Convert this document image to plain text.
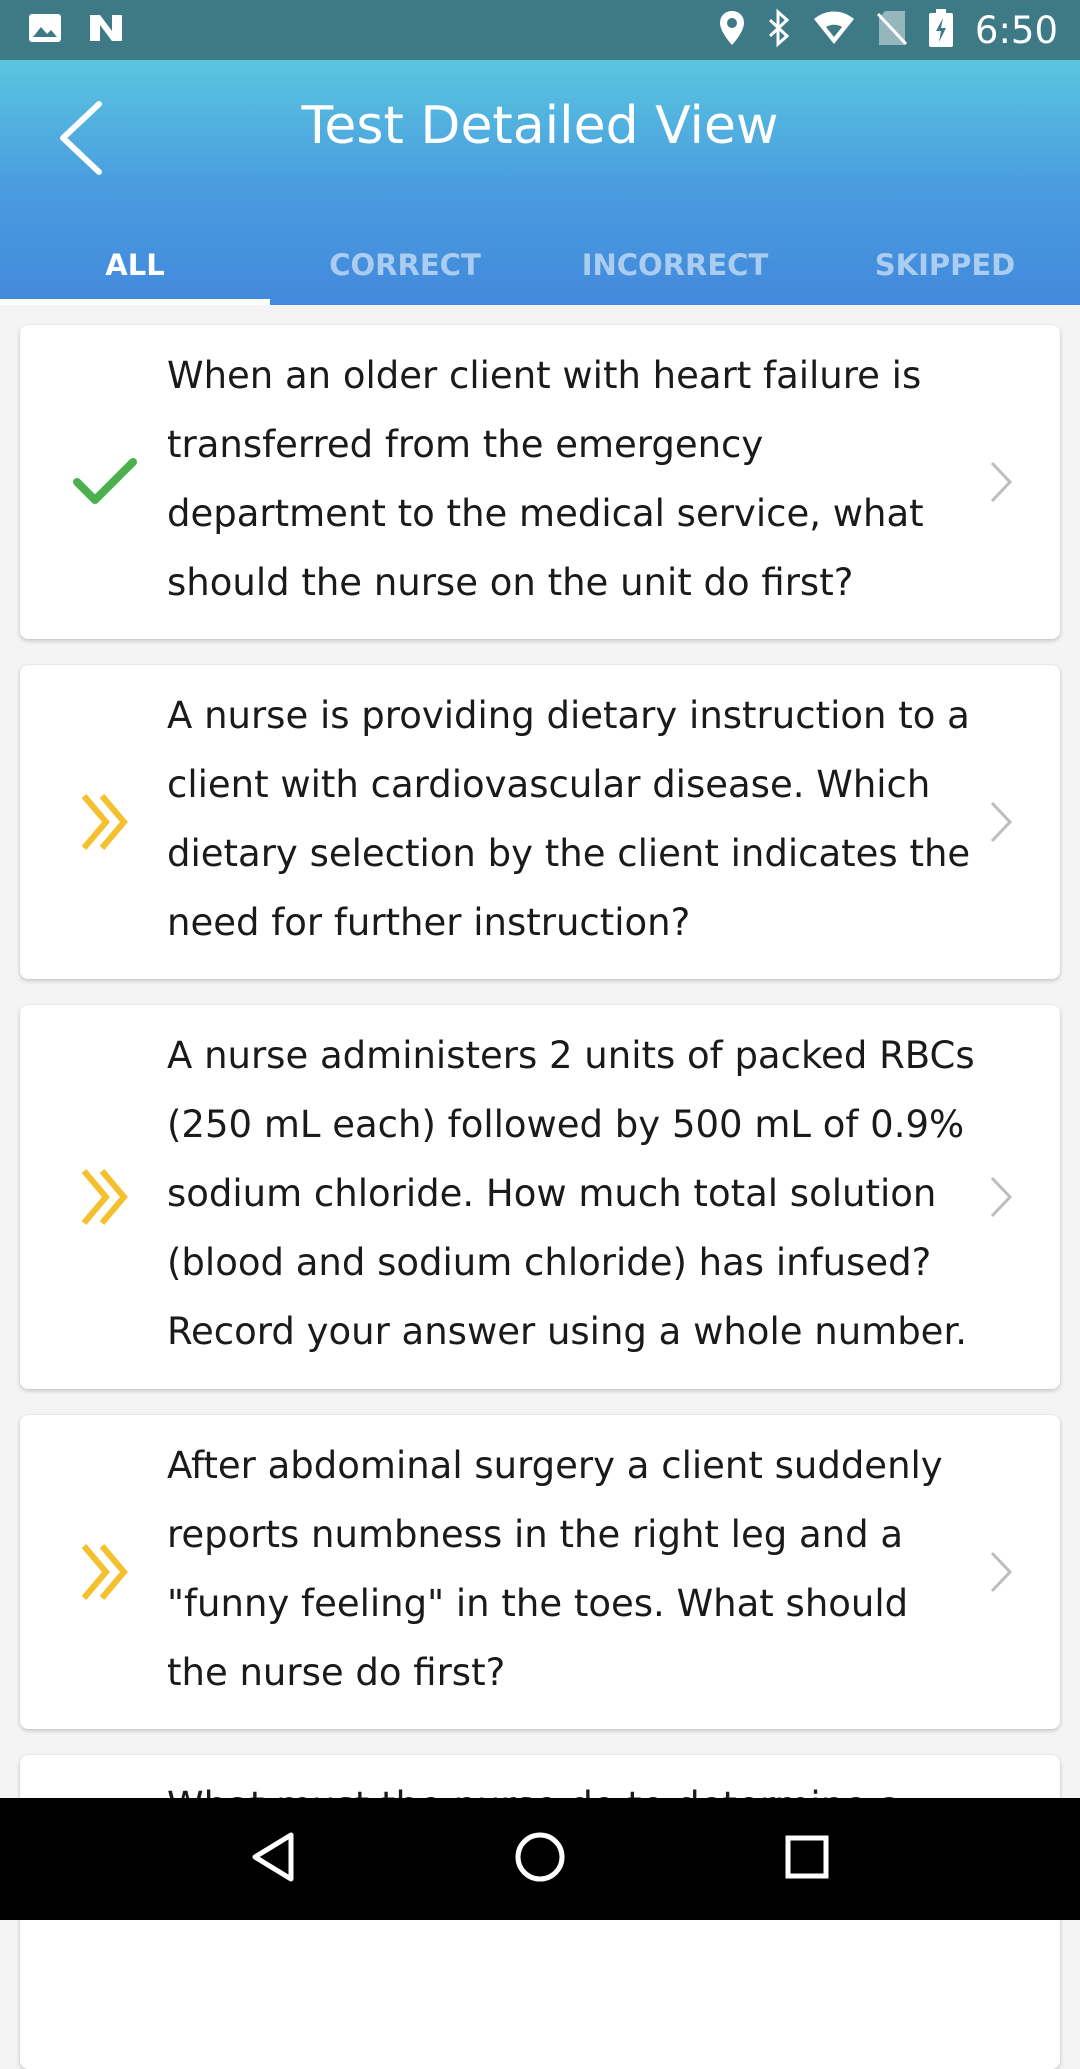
6:50
Test Detailed View
ALL	CORRECT	INCORRECT	SKIPPED
When an older client with heart failure is transferred from the emergency department to the medical service, what should the nurse on the unit do first?
A nurse is providing dietary instruction to a client with cardiovascular disease. Which dietary selection by the client indicates the need for further instruction?
A nurse administers 2 units of packed RBCs (250 mL each) followed by 500 mL of 0.9% sodium chloride. How much total solution (blood and sodium chloride) has infused? Record your answer using a whole number.
After abdominal surgery a client suddenly reports numbness in the right leg and a "funny feeling" in the toes. What should the nurse do first?
